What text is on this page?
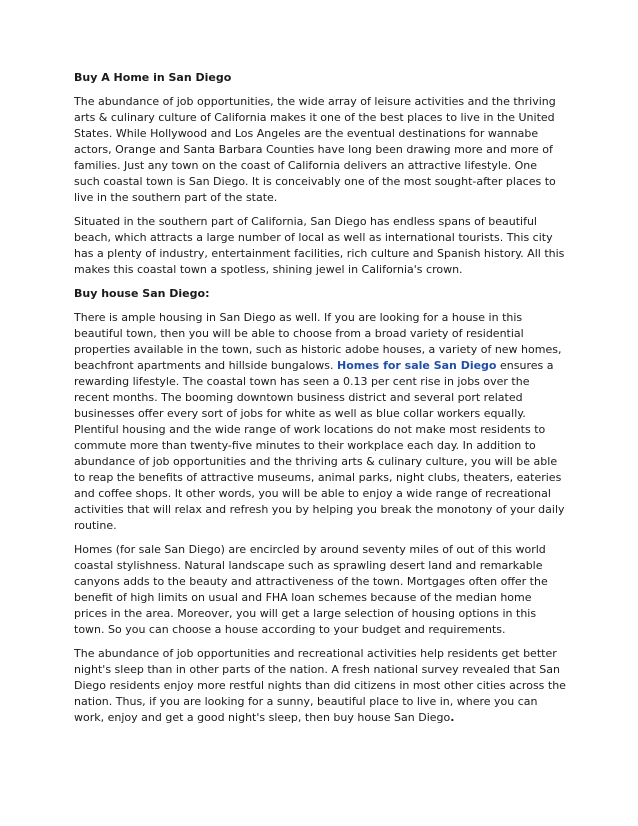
Buy A Home in San Diego

The abundance of job opportunities, the wide array of leisure activities and the thriving arts & culinary culture of California makes it one of the best places to live in the United States. While Hollywood and Los Angeles are the eventual destinations for wannabe actors, Orange and Santa Barbara Counties have long been drawing more and more of families. Just any town on the coast of California delivers an attractive lifestyle. One such coastal town is San Diego. It is conceivably one of the most sought-after places to live in the southern part of the state.

Situated in the southern part of California, San Diego has endless spans of beautiful beach, which attracts a large number of local as well as international tourists. This city has a plenty of industry, entertainment facilities, rich culture and Spanish history. All this makes this coastal town a spotless, shining jewel in California's crown.

Buy house San Diego:

There is ample housing in San Diego as well. If you are looking for a house in this beautiful town, then you will be able to choose from a broad variety of residential properties available in the town, such as historic adobe houses, a variety of new homes, beachfront apartments and hillside bungalows. Homes for sale San Diego ensures a rewarding lifestyle. The coastal town has seen a 0.13 per cent rise in jobs over the recent months. The booming downtown business district and several port related businesses offer every sort of jobs for white as well as blue collar workers equally. Plentiful housing and the wide range of work locations do not make most residents to commute more than twenty-five minutes to their workplace each day. In addition to abundance of job opportunities and the thriving arts & culinary culture, you will be able to reap the benefits of attractive museums, animal parks, night clubs, theaters, eateries and coffee shops. It other words, you will be able to enjoy a wide range of recreational activities that will relax and refresh you by helping you break the monotony of your daily routine.

Homes (for sale San Diego) are encircled by around seventy miles of out of this world coastal stylishness. Natural landscape such as sprawling desert land and remarkable canyons adds to the beauty and attractiveness of the town. Mortgages often offer the benefit of high limits on usual and FHA loan schemes because of the median home prices in the area. Moreover, you will get a large selection of housing options in this town. So you can choose a house according to your budget and requirements.

The abundance of job opportunities and recreational activities help residents get better night's sleep than in other parts of the nation. A fresh national survey revealed that San Diego residents enjoy more restful nights than did citizens in most other cities across the nation. Thus, if you are looking for a sunny, beautiful place to live in, where you can work, enjoy and get a good night's sleep, then buy house San Diego.
